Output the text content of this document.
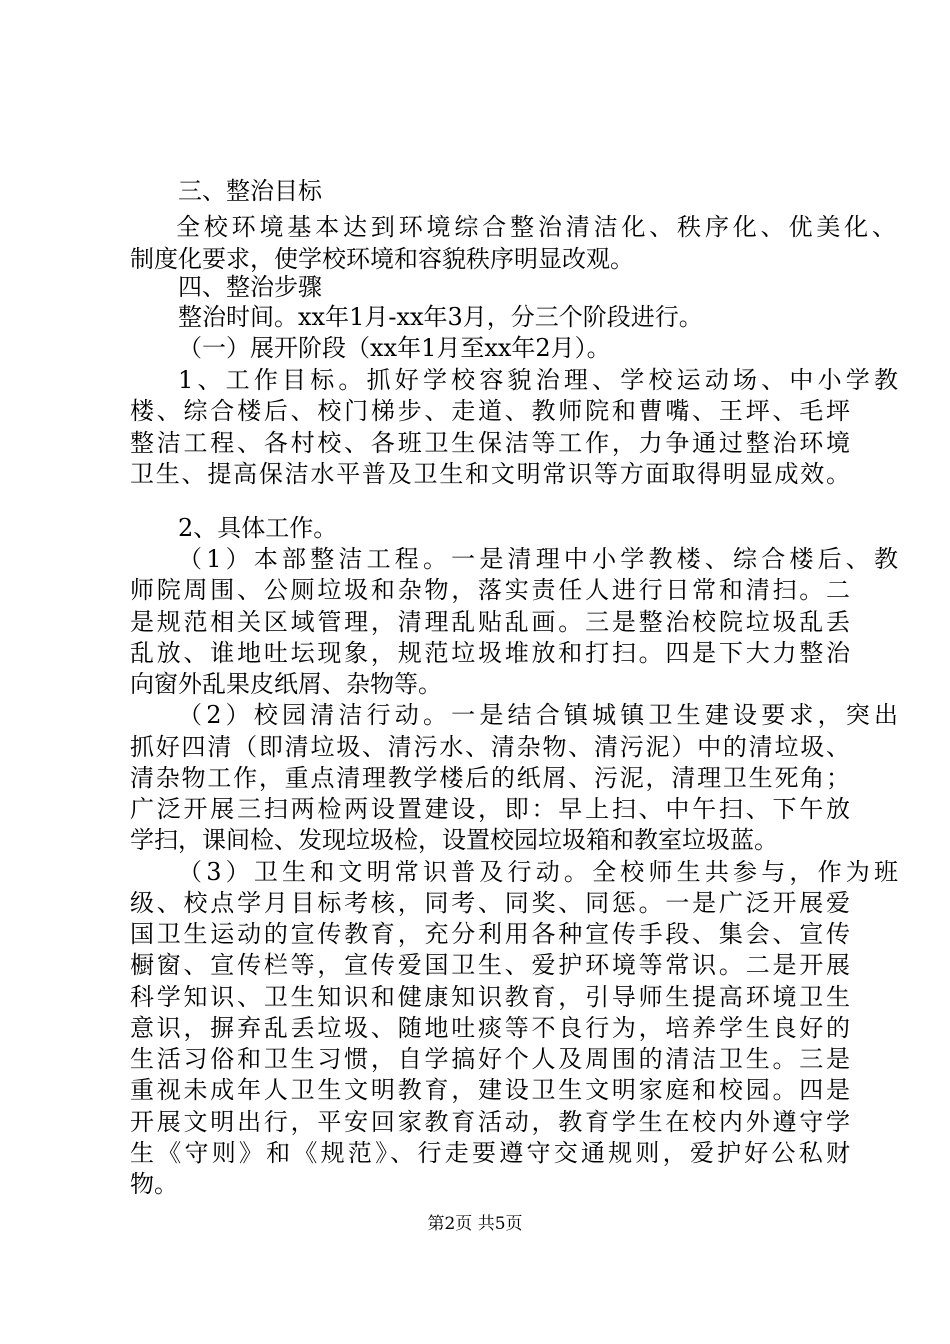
三、整治目标
全校环境基本达到环境综合整治清洁化、秩序化、优美化、
制度化要求，使学校环境和容貌秩序明显改观。
四、整治步骤
整治时间。xx年1月-xx年3月，分三个阶段进行。
（一）展开阶段（xx年1月至xx年2月）。
1、工作目标。抓好学校容貌治理、学校运动场、中小学教
楼、综合楼后、校门梯步、走道、教师院和曹嘴、王坪、毛坪
整洁工程、各村校、各班卫生保洁等工作，力争通过整治环境
卫生、提高保洁水平普及卫生和文明常识等方面取得明显成效。
2、具体工作。
（1）本部整洁工程。一是清理中小学教楼、综合楼后、教
师院周围、公厕垃圾和杂物，落实责任人进行日常和清扫。二
是规范相关区域管理，清理乱贴乱画。三是整治校院垃圾乱丢
乱放、谁地吐坛现象，规范垃圾堆放和打扫。四是下大力整治
向窗外乱果皮纸屑、杂物等。
（2）校园清洁行动。一是结合镇城镇卫生建设要求，突出
抓好四清（即清垃圾、清污水、清杂物、清污泥）中的清垃圾、
清杂物工作，重点清理教学楼后的纸屑、污泥，清理卫生死角；
广泛开展三扫两检两设置建设，即：早上扫、中午扫、下午放
学扫，课间检、发现垃圾检，设置校园垃圾箱和教室垃圾蓝。
（3）卫生和文明常识普及行动。全校师生共参与，作为班
级、校点学月目标考核，同考、同奖、同惩。一是广泛开展爱
国卫生运动的宣传教育，充分利用各种宣传手段、集会、宣传
橱窗、宣传栏等，宣传爱国卫生、爱护环境等常识。二是开展
科学知识、卫生知识和健康知识教育，引导师生提高环境卫生
意识，摒弃乱丢垃圾、随地吐痰等不良行为，培养学生良好的
生活习俗和卫生习惯，自学搞好个人及周围的清洁卫生。三是
重视未成年人卫生文明教育，建设卫生文明家庭和校园。四是
开展文明出行，平安回家教育活动，教育学生在校内外遵守学
生《守则》和《规范》、行走要遵守交通规则，爱护好公私财
物。
第2页 共5页
